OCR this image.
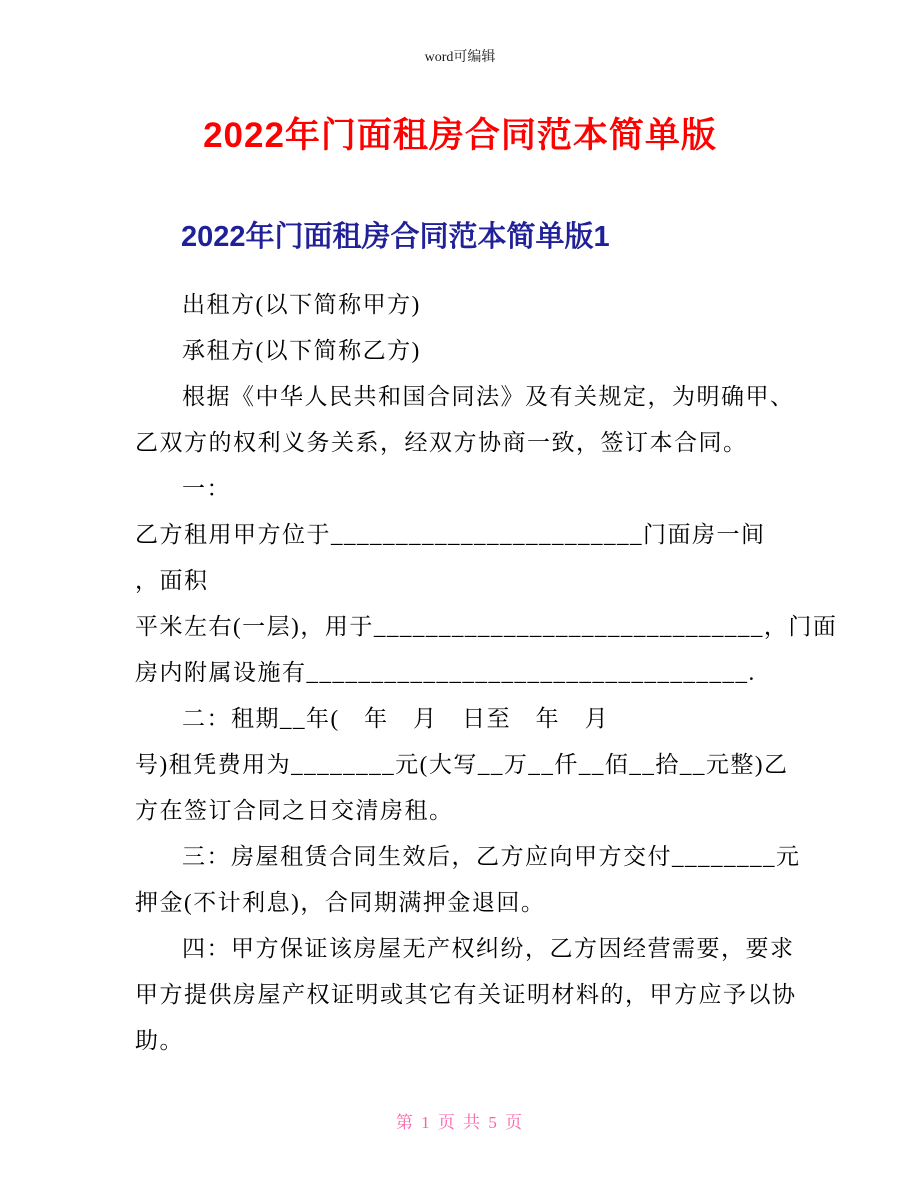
word可编辑
2022年门面租房合同范本简单版
2022年门面租房合同范本简单版1
出租方(以下简称甲方)
承租方(以下简称乙方)
根据《中华人民共和国合同法》及有关规定，为明确甲、
乙双方的权利义务关系，经双方协商一致，签订本合同。
一：
乙方租用甲方位于________________________门面房一间
，面积
平米左右(一层)，用于______________________________，门面
房内附属设施有__________________________________.
二：租期__年(　年　月　日至　年　月
号)租凭费用为________元(大写__万__仟__佰__拾__元整)乙
方在签订合同之日交清房租。
三：房屋租赁合同生效后，乙方应向甲方交付________元
押金(不计利息)，合同期满押金退回。
四：甲方保证该房屋无产权纠纷，乙方因经营需要，要求
甲方提供房屋产权证明或其它有关证明材料的，甲方应予以协
助。
第 1 页 共 5 页
